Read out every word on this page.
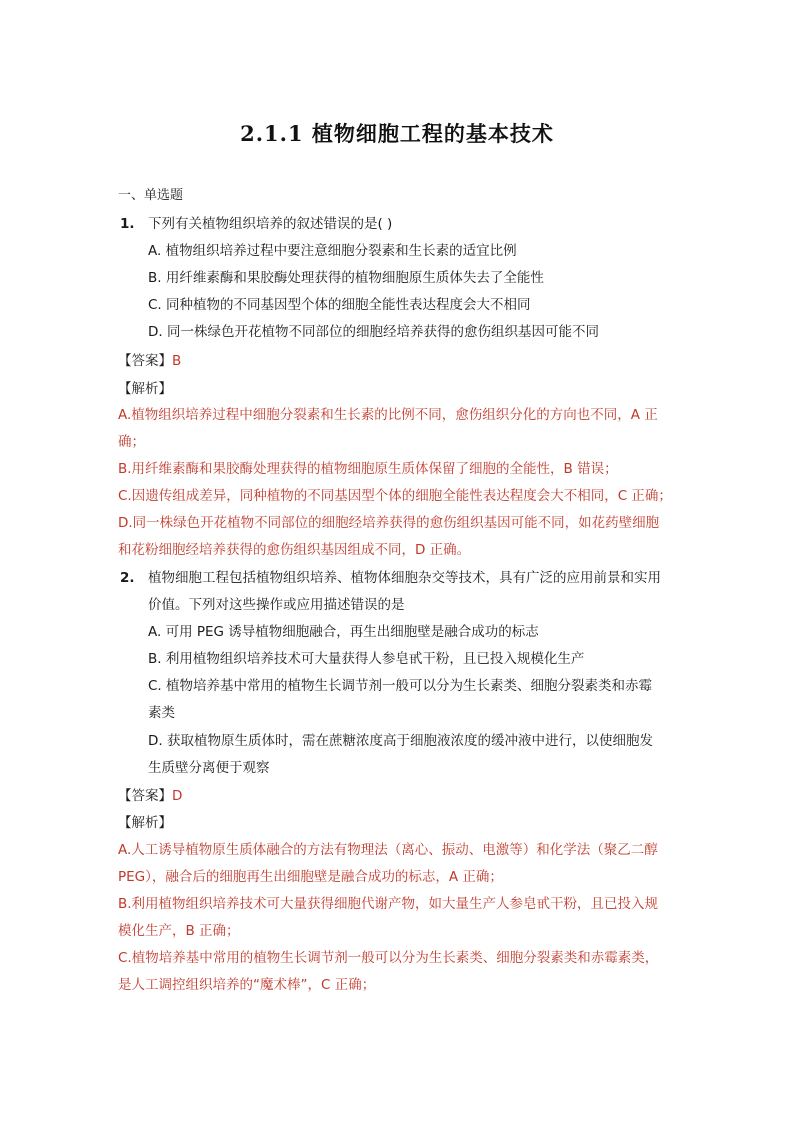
2.1.1 植物细胞工程的基本技术
一、单选题
1. 下列有关植物组织培养的叙述错误的是( )
A. 植物组织培养过程中要注意细胞分裂素和生长素的适宜比例
B. 用纤维素酶和果胶酶处理获得的植物细胞原生质体失去了全能性
C. 同种植物的不同基因型个体的细胞全能性表达程度会大不相同
D. 同一株绿色开花植物不同部位的细胞经培养获得的愈伤组织基因可能不同
【答案】B
【解析】
A.植物组织培养过程中细胞分裂素和生长素的比例不同，愈伤组织分化的方向也不同，A 正
确；
B.用纤维素酶和果胶酶处理获得的植物细胞原生质体保留了细胞的全能性，B 错误；
C.因遗传组成差异，同种植物的不同基因型个体的细胞全能性表达程度会大不相同，C 正确；
D.同一株绿色开花植物不同部位的细胞经培养获得的愈伤组织基因可能不同，如花药壁细胞
和花粉细胞经培养获得的愈伤组织基因组成不同，D 正确。
2. 植物细胞工程包括植物组织培养、植物体细胞杂交等技术，具有广泛的应用前景和实用
价值。下列对这些操作或应用描述错误的是
A. 可用 PEG 诱导植物细胞融合，再生出细胞壁是融合成功的标志
B. 利用植物组织培养技术可大量获得人参皂甙干粉，且已投入规模化生产
C. 植物培养基中常用的植物生长调节剂一般可以分为生长素类、细胞分裂素类和赤霉
素类
D. 获取植物原生质体时，需在蔗糖浓度高于细胞液浓度的缓冲液中进行，以使细胞发
生质壁分离便于观察
【答案】D
【解析】
A.人工诱导植物原生质体融合的方法有物理法（离心、振动、电激等）和化学法（聚乙二醇
PEG），融合后的细胞再生出细胞壁是融合成功的标志，A 正确；
B.利用植物组织培养技术可大量获得细胞代谢产物，如大量生产人参皂甙干粉，且已投入规
模化生产，B 正确；
C.植物培养基中常用的植物生长调节剂一般可以分为生长素类、细胞分裂素类和赤霉素类，
是人工调控组织培养的“魔术棒”，C 正确；
